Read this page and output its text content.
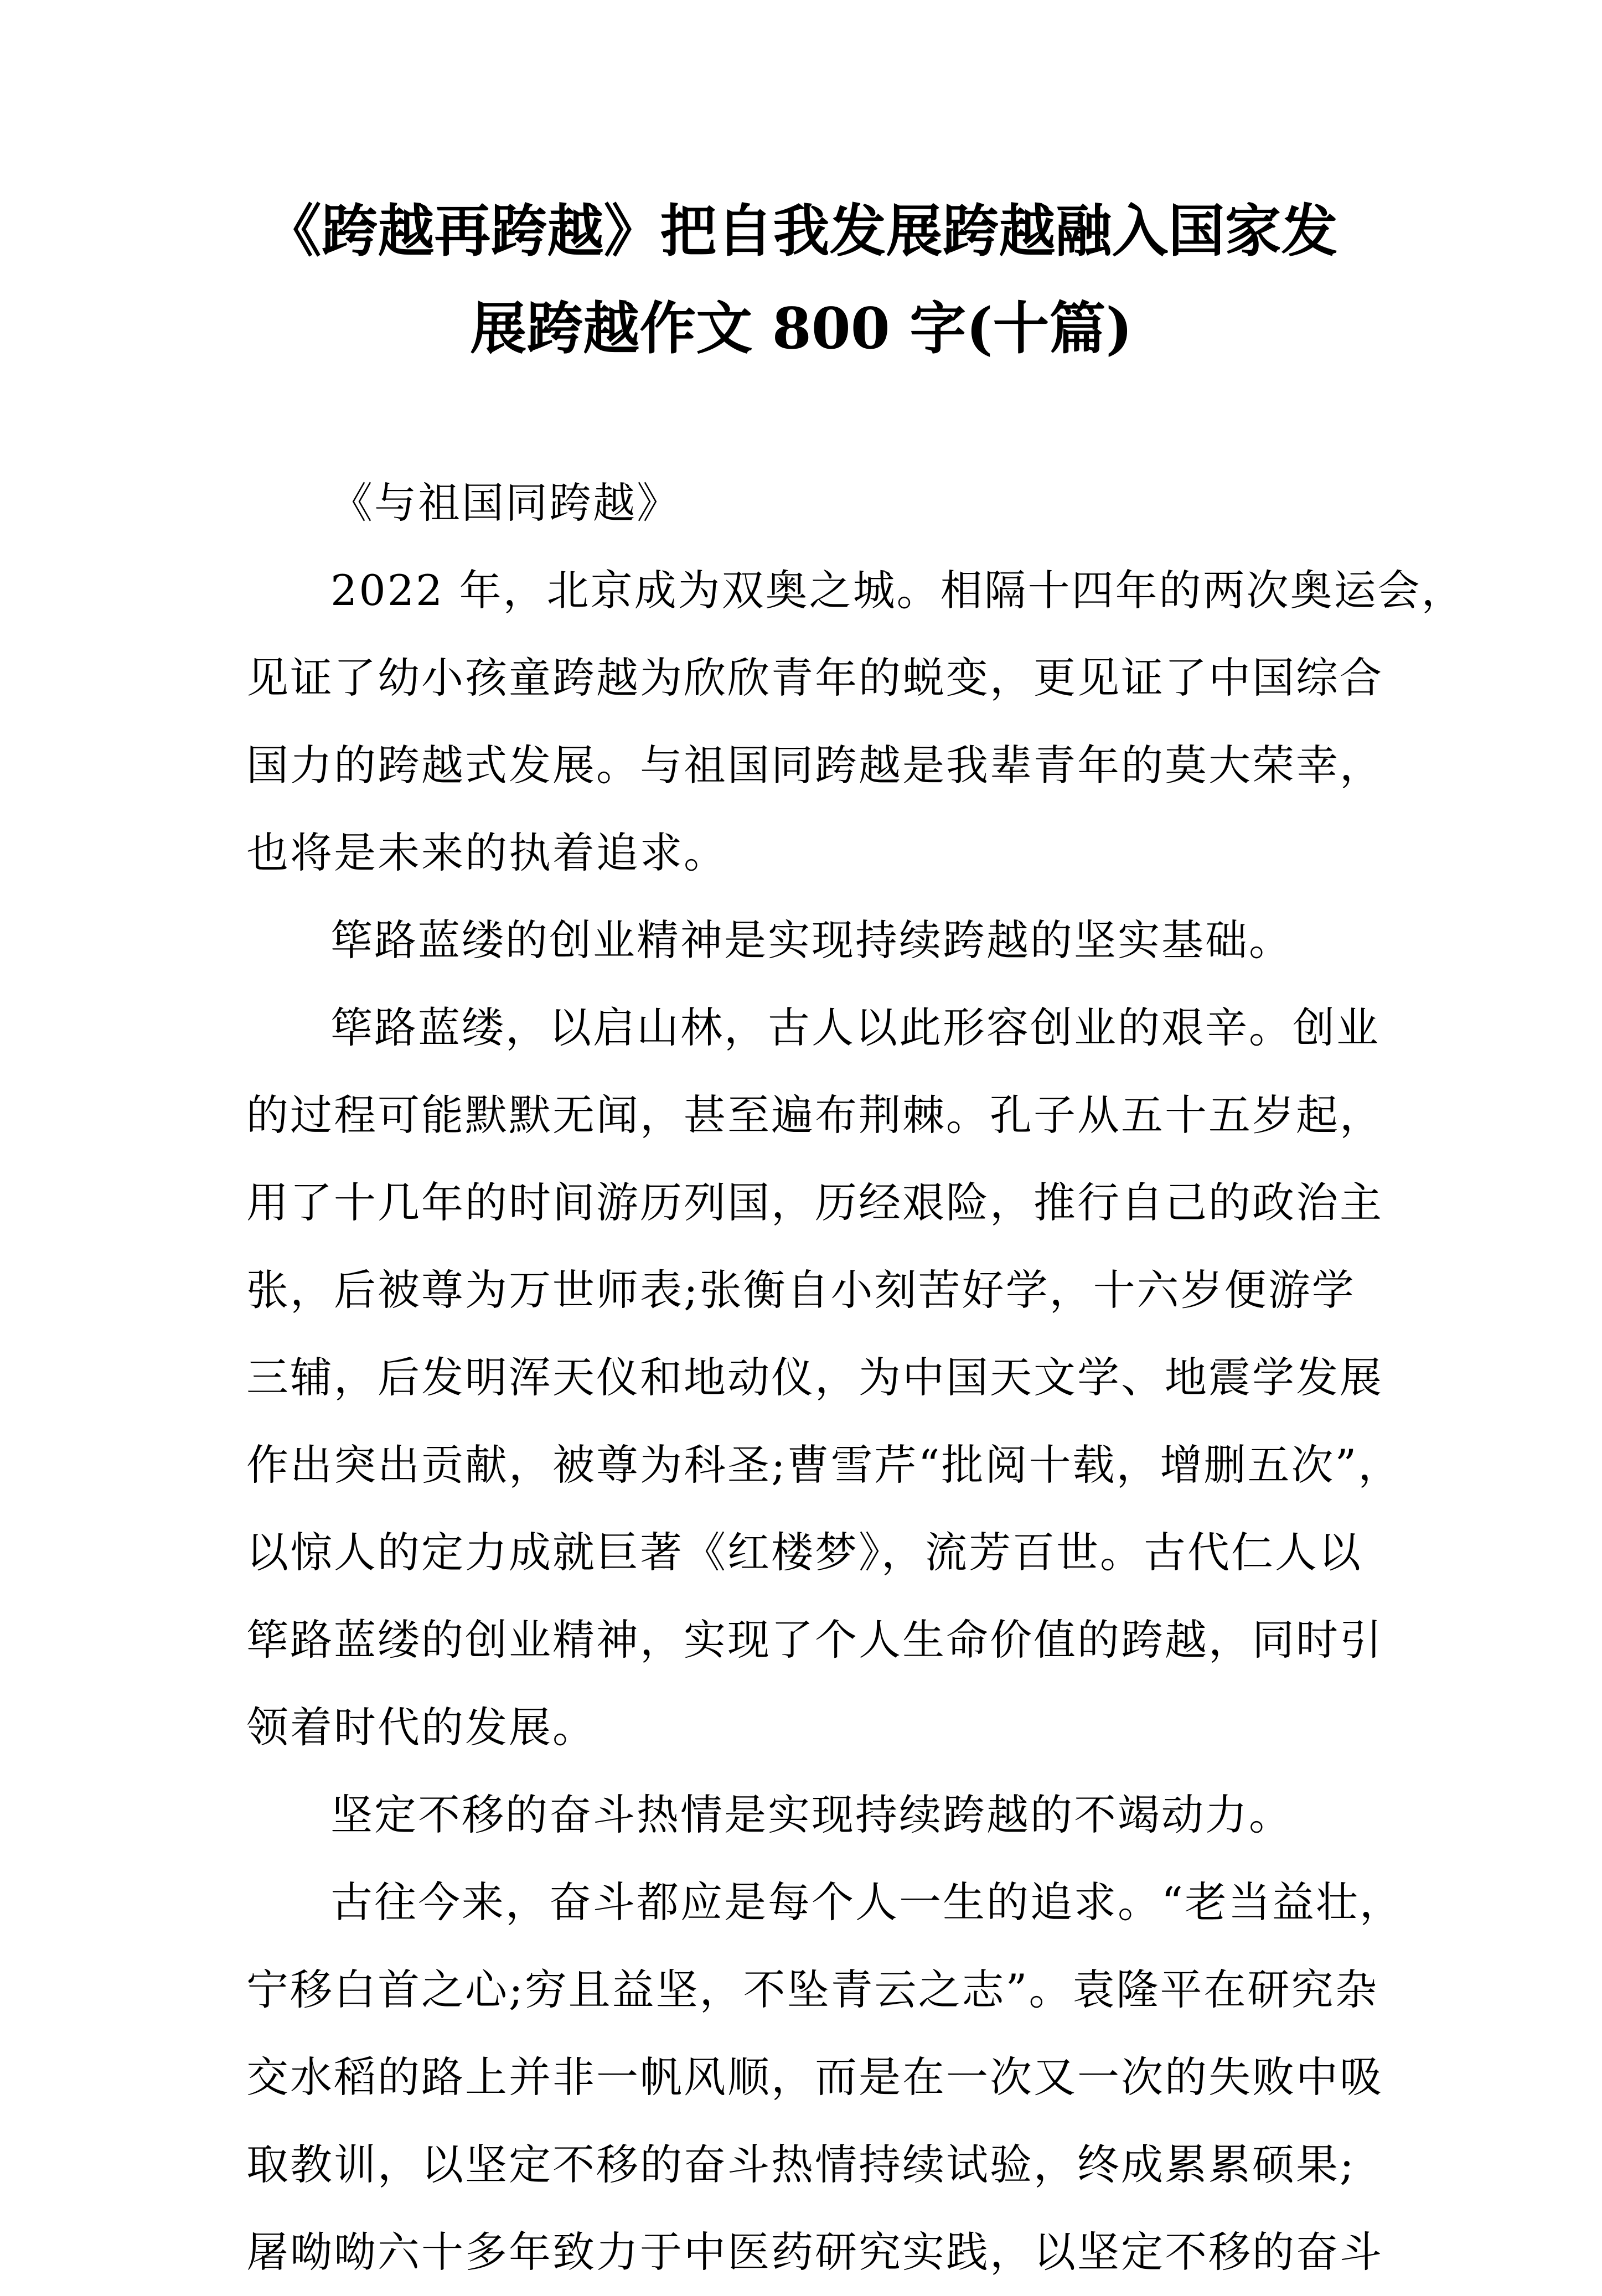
《跨越再跨越》把自我发展跨越融入国家发
展跨越作文 800 字(十篇)
《与祖国同跨越》
2022 年，北京成为双奥之城。相隔十四年的两次奥运会，
见证了幼小孩童跨越为欣欣青年的蜕变，更见证了中国综合
国力的跨越式发展。与祖国同跨越是我辈青年的莫大荣幸，
也将是未来的执着追求。
筚路蓝缕的创业精神是实现持续跨越的坚实基础。
筚路蓝缕，以启山林，古人以此形容创业的艰辛。创业
的过程可能默默无闻，甚至遍布荆棘。孔子从五十五岁起，
用了十几年的时间游历列国，历经艰险，推行自己的政治主
张，后被尊为万世师表;张衡自小刻苦好学，十六岁便游学
三辅，后发明浑天仪和地动仪，为中国天文学、地震学发展
作出突出贡献，被尊为科圣;曹雪芹“批阅十载，增删五次”，
以惊人的定力成就巨著《红楼梦》，流芳百世。古代仁人以
筚路蓝缕的创业精神，实现了个人生命价值的跨越，同时引
领着时代的发展。
坚定不移的奋斗热情是实现持续跨越的不竭动力。
古往今来，奋斗都应是每个人一生的追求。“老当益壮，
宁移白首之心;穷且益坚，不坠青云之志”。袁隆平在研究杂
交水稻的路上并非一帆风顺，而是在一次又一次的失败中吸
取教训，以坚定不移的奋斗热情持续试验，终成累累硕果;
屠呦呦六十多年致力于中医药研究实践，以坚定不移的奋斗
